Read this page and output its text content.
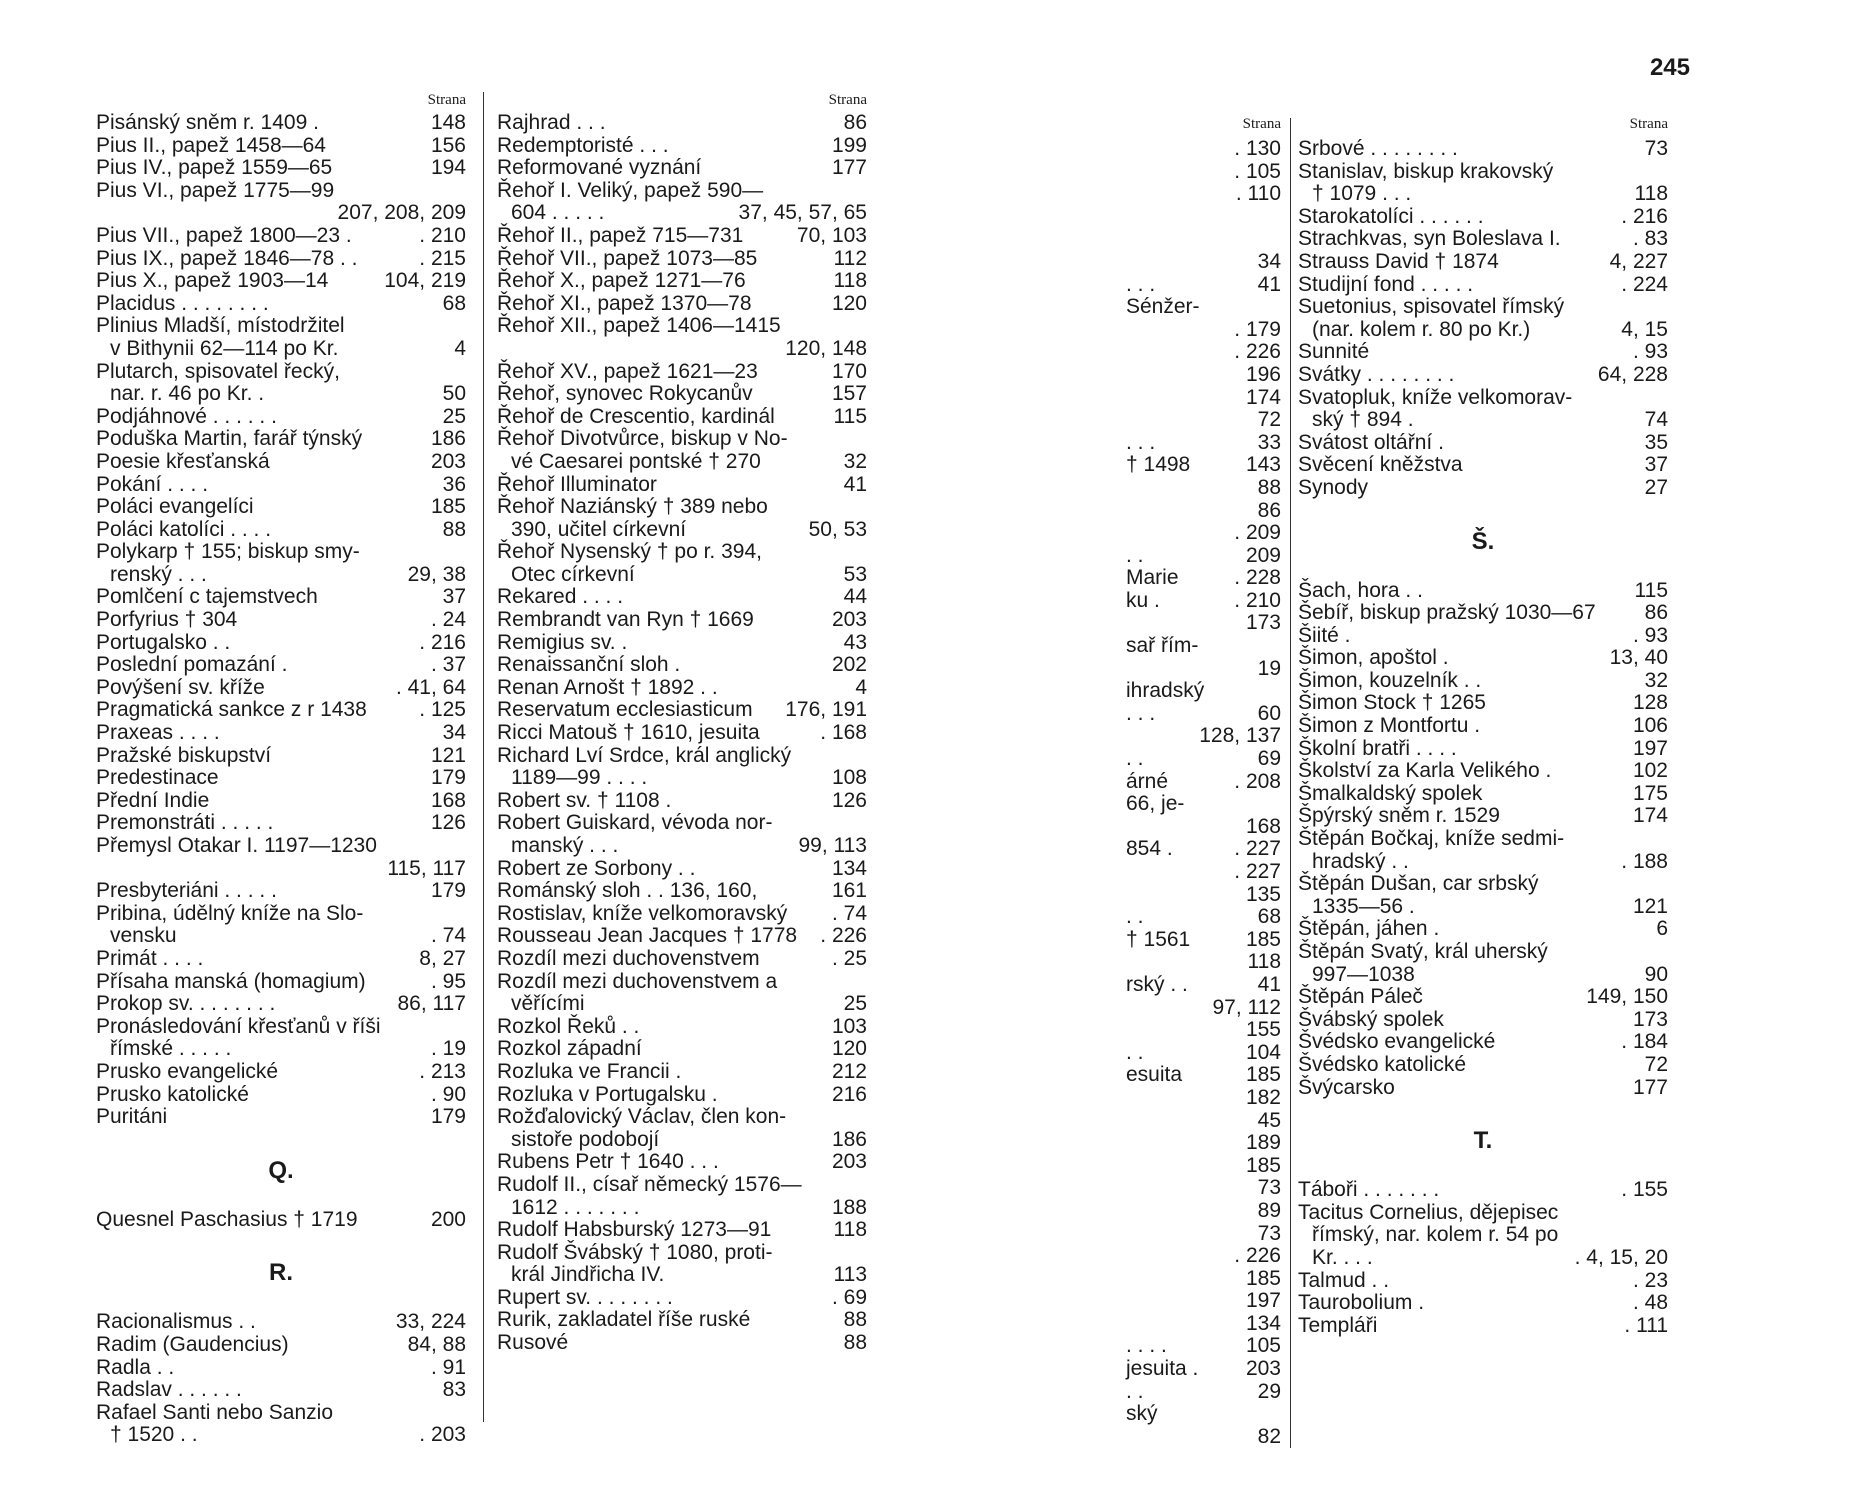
Strana
Pisánský sněm r. 1409 .	148
Pius II., papež 1458—64	156
Pius IV., papež 1559—65	194
Pius VI., papež 1775—99
207, 208, 209
Pius VII., papež 1800—23 .	. 210
Pius IX., papež 1846—78 . .	. 215
Pius X., papež 1903—14	104, 219
Placidus . . . . . . . .	68
Plinius Mladší, místodržitel
v Bithynii 62—114 po Kr.	4
Plutarch, spisovatel řecký,
nar. r. 46 po Kr. .	50
Podjáhnové . . . . . .	25
Poduška Martin, farář týnský	186
Poesie křesťanská	203
Pokání . . . .	36
Poláci evangelíci	185
Poláci katolíci . . . .	88
Polykarp † 155; biskup smy-
renský . . .	29, 38
Pomlčení c tajemstvech	37
Porfyrius † 304	. 24
Portugalsko . .	. 216
Poslední pomazání .	. 37
Povýšení sv. kříže	. 41, 64
Pragmatická sankce z r 1438	. 125
Praxeas . . . .	34
Pražské biskupství	121
Predestinace	179
Přední Indie	168
Premonstráti . . . . .	126
Přemysl Otakar I. 1197—1230
115, 117
Presbyteriáni . . . . .	179
Pribina, údělný kníže na Slo-
vensku	. 74
Primát . . . .	8, 27
Přísaha manská (homagium)	. 95
Prokop sv. . . . . . . .	86, 117
Pronásledování křesťanů v říši
římské . . . . .	. 19
Prusko evangelické	. 213
Prusko katolické	. 90
Puritáni	179
Q.
Quesnel Paschasius † 1719	200
R.
Racionalismus . .	33, 224
Radim (Gaudencius)	84, 88
Radla . .	. 91
Radslav . . . . . .	83
Rafael Santi nebo Sanzio
† 1520 . .	. 203
Strana
Rajhrad . . .	86
Redemptoristé . . .	199
Reformované vyznání	177
Řehoř I. Veliký, papež 590—
604 . . . . .	37, 45, 57, 65
Řehoř II., papež 715—731	70, 103
Řehoř VII., papež 1073—85	112
Řehoř X., papež 1271—76	118
Řehoř XI., papež 1370—78	120
Řehoř XII., papež 1406—1415
120, 148
Řehoř XV., papež 1621—23	170
Řehoř, synovec Rokycanův	157
Řehoř de Crescentio, kardinál	115
Řehoř Divotvůrce, biskup v No-
vé Caesarei pontské † 270	32
Řehoř Illuminator	41
Řehoř Naziánský † 389 nebo
390, učitel církevní	50, 53
Řehoř Nysenský † po r. 394,
Otec církevní	53
Rekared . . . .	44
Rembrandt van Ryn † 1669	203
Remigius sv. .	43
Renaissanční sloh .	202
Renan Arnošt † 1892 . .	4
Reservatum ecclesiasticum	176, 191
Ricci Matouš † 1610, jesuita	. 168
Richard Lví Srdce, král anglický
1189—99 . . . .	108
Robert sv. † 1108 .	126
Robert Guiskard, vévoda nor-
manský . . .	99, 113
Robert ze Sorbony . .	134
Románský sloh . . 136, 160,	161
Rostislav, kníže velkomoravský	. 74
Rousseau Jean Jacques † 1778	. 226
Rozdíl mezi duchovenstvem	. 25
Rozdíl mezi duchovenstvem a
věřícími	25
Rozkol Řeků . .	103
Rozkol západní	120
Rozluka ve Francii .	212
Rozluka v Portugalsku .	216
Rožďalovický Václav, člen kon-
sistoře podobojí	186
Rubens Petr † 1640 . . .	203
Rudolf II., císař německý 1576—
1612 . . . . . . .	188
Rudolf Habsburský 1273—91	118
Rudolf Švábský † 1080, proti-
král Jindřicha IV.	113
Rupert sv. . . . . . . .	. 69
Rurik, zakladatel říše ruské	88
Rusové	88
245
Strana
. 130
. 105
. 110

34
. . .	41
Sénžer-
. 179
. 226
196
174
72
. . .	33
† 1498	143
88
86
. 209
. .	209
Marie	. 228
ku .	. 210
173
sař řím-
19
ihradský
. . .	60
128, 137
. .	69
árné	. 208
66, je-
168
854 .	. 227
. 227
135
. .	68
† 1561	185
118
rský . .	41
97, 112
155
. .	104
esuita	185
182
45
189
185
73
89
73
. 226
185
197
134
. . . .	105
jesuita .	203
. .	29
ský
82
Strana
Srbové . . . . . . . .	73
Stanislav, biskup krakovský
† 1079 . . .	118
Starokatolíci . . . . . .	. 216
Strachkvas, syn Boleslava I.	. 83
Strauss David † 1874	4, 227
Studijní fond . . . . .	. 224
Suetonius, spisovatel římský
(nar. kolem r. 80 po Kr.)	4, 15
Sunnité	. 93
Svátky . . . . . . . .	64, 228
Svatopluk, kníže velkomorav-
ský † 894 .	74
Svátost oltářní .	35
Svěcení kněžstva	37
Synody	27
Š.
Šach, hora . .	115
Šebíř, biskup pražský 1030—67	86
Šiité .	. 93
Šimon, apoštol .	13, 40
Šimon, kouzelník . .	32
Šimon Stock † 1265	128
Šimon z Montfortu .	106
Školní bratři . . . .	197
Školství za Karla Velikého .	102
Šmalkaldský spolek	175
Špýrský sněm r. 1529	174
Štěpán Bočkaj, kníže sedmi-
hradský . .	. 188
Štěpán Dušan, car srbský
1335—56 .	121
Štěpán, jáhen .	6
Štěpán Svatý, král uherský
997—1038	90
Štěpán Páleč	149, 150
Švábský spolek	173
Švédsko evangelické	. 184
Švédsko katolické	72
Švýcarsko	177
T.
Táboři . . . . . . .	. 155
Tacitus Cornelius, dějepisec
římský, nar. kolem r. 54 po
Kr. . . .	. 4, 15, 20
Talmud . .	. 23
Taurobolium .	. 48
Templáři	. 111
